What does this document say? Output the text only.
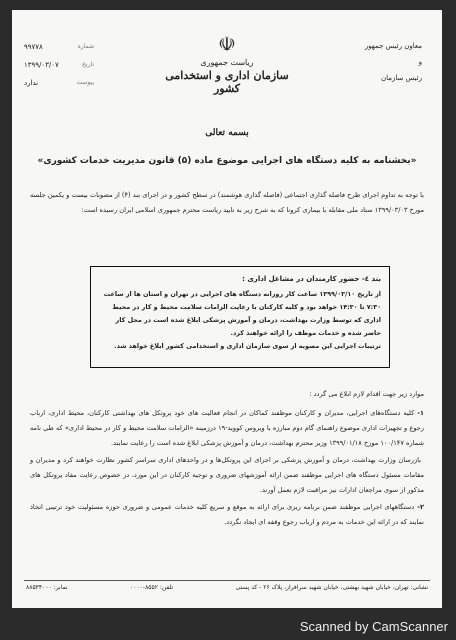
۹۹۷۷۸	شماره
۱۳۹۹/۰۳/۰۷	تاریخ
ندارد	پیوست
☫
ریاست جمهوری
سازمان اداری و استخدامی کشور
معاون رئیس جمهور
و
رئیس سازمان
بسمه تعالی
«بخشنامه به کلیه دستگاه های اجرایی موضوع ماده (۵) قانون مدیریت خدمات کشوری»
با توجه به تداوم اجرای طرح فاصله گذاری اجتماعی (فاصله گذاری هوشمند) در سطح کشور و در اجرای بند (۴) از مصوبات بیست و یکمین جلسه مورخ ۱۳۹۹/۰۳/۰۳ ستاد ملی مقابله با بیماری کرونا که به شرح زیر به تایید ریاست محترم جمهوری اسلامی ایران رسیده است:
بند ٤- حضور کارمندان در مشاغل اداری :

از تاریخ ۱۳۹۹/۰۳/۱۰ ساعت کار روزانه دستگاه های اجرایی در تهران و استان ها از ساعت ۷:۳۰ تا ۱۴:۳۰ خواهد بود و کلیه کارکنان با رعایت الزامات سلامت محیط و کار در محیط اداری که توسط وزارت بهداشت، درمان و آموزش پزشکی ابلاغ شده است در محل کار حاضر شده و خدمات موظف را ارائه خواهند کرد.

ترتیبات اجرایی این مصوبه از سوی سازمان اداری و استخدامی کشور ابلاغ خواهد شد.

موارد زیر جهت اقدام لازم ابلاغ می گردد :

۱-کلیه دستگاه‌های اجرایی، مدیران و کارکنان موظفند کماکان در انجام فعالیت های خود پروتکل های بهداشتی کارکنان، محیط اداری، ارباب رجوع و تجهیزات اداری موضوع راهنمای گام دوم مبارزه با ویروس کووید-۱۹ درزمینه «الزامات سلامت محیط و کار در محیط اداری» که طی نامه شماره ۱۰۰/۱۴۷ مورخ ۱۳۹۹/۰۱/۱۸ وزیر محترم بهداشت، درمان و آموزش پزشکی ابلاغ شده است را رعایت نمایند.

بازرسان وزارت بهداشت، درمان و آموزش پزشکی بر اجرای این پروتکل‌ها و در واحدهای اداری سراسر کشور نظارت خواهند کرد و مدیران و مقامات مسئول دستگاه های اجرایی موظفند ضمن ارائه آموزشهای ضروری و توجیه کارکنان در این مورد، در خصوص رعایت مفاد پروتکل های مذکور از سوی مراجعان ادارات نیز مراقبت لازم بعمل آورند.

۲-دستگاههای اجرایی موظفند ضمن برنامه ریزی برای ارائه به موقع و سریع کلیه خدمات عمومی و ضروری حوزه مسئولیت خود ترتیبی اتخاذ نمایند که در ارائه این خدمات به مردم و ارباب رجوع وقفه ای ایجاد نگردد.

نشانی: تهران، خیابان شهید بهشتی، خیابان شهید سرافراز، پلاک ۲۶ - کد پستی
تلفن: ۸۵۵۲-۰۰۰۰
نمابر: ۸۸۵۳۴۰۰۰
Scanned by CamScanner
